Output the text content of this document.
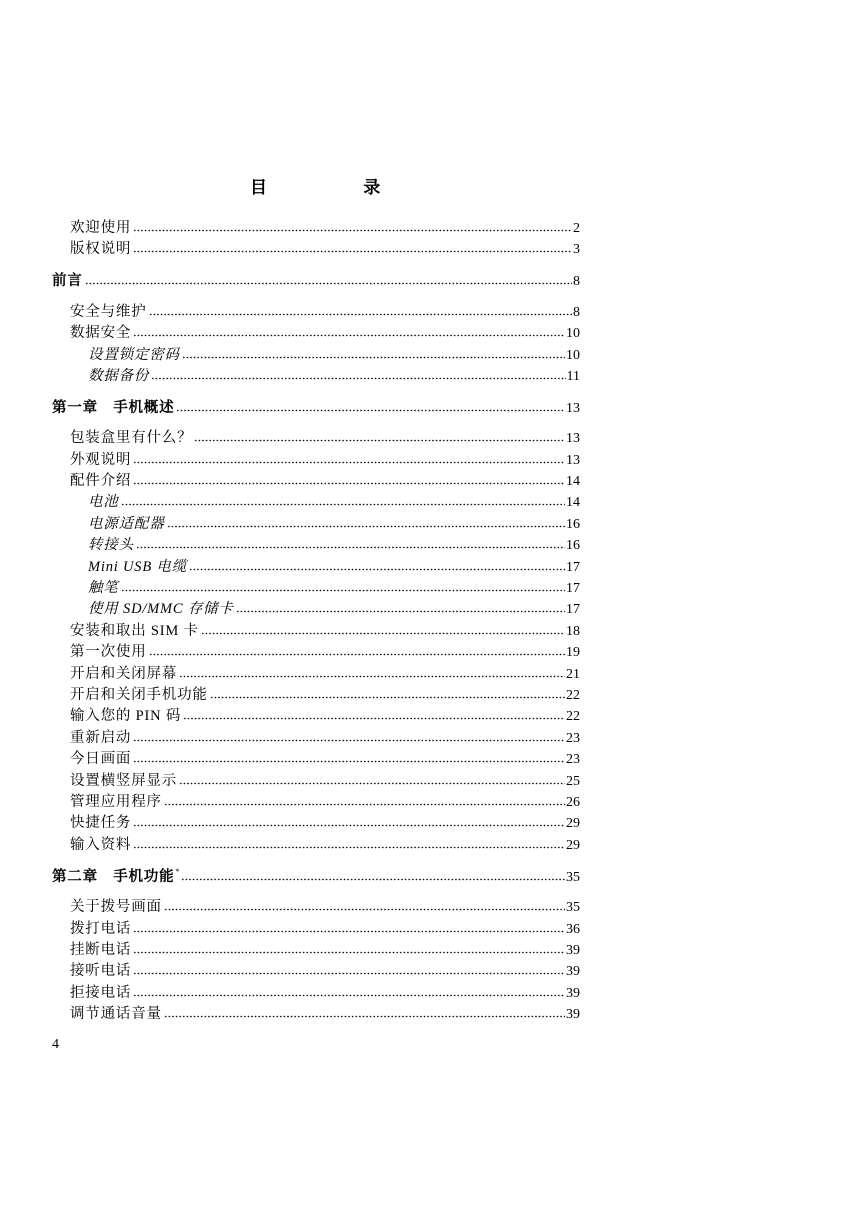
目 录
欢迎使用	2
版权说明	3
前言	8
安全与维护	8
数据安全	10
设置锁定密码	10
数据备份	11
第一章　手机概述	13
包装盒里有什么？	13
外观说明	13
配件介绍	14
电池	14
电源适配器	16
转接头	16
Mini USB 电缆	17
触笔	17
使用 SD/MMC 存储卡	17
安装和取出 SIM 卡	18
第一次使用	19
开启和关闭屏幕	21
开启和关闭手机功能	22
输入您的 PIN 码	22
重新启动	23
今日画面	23
设置横竖屏显示	25
管理应用程序	26
快捷任务	29
输入资料	29
第二章　手机功能 *	35
关于拨号画面	35
拨打电话	36
挂断电话	39
接听电话	39
拒接电话	39
调节通话音量	39
4
